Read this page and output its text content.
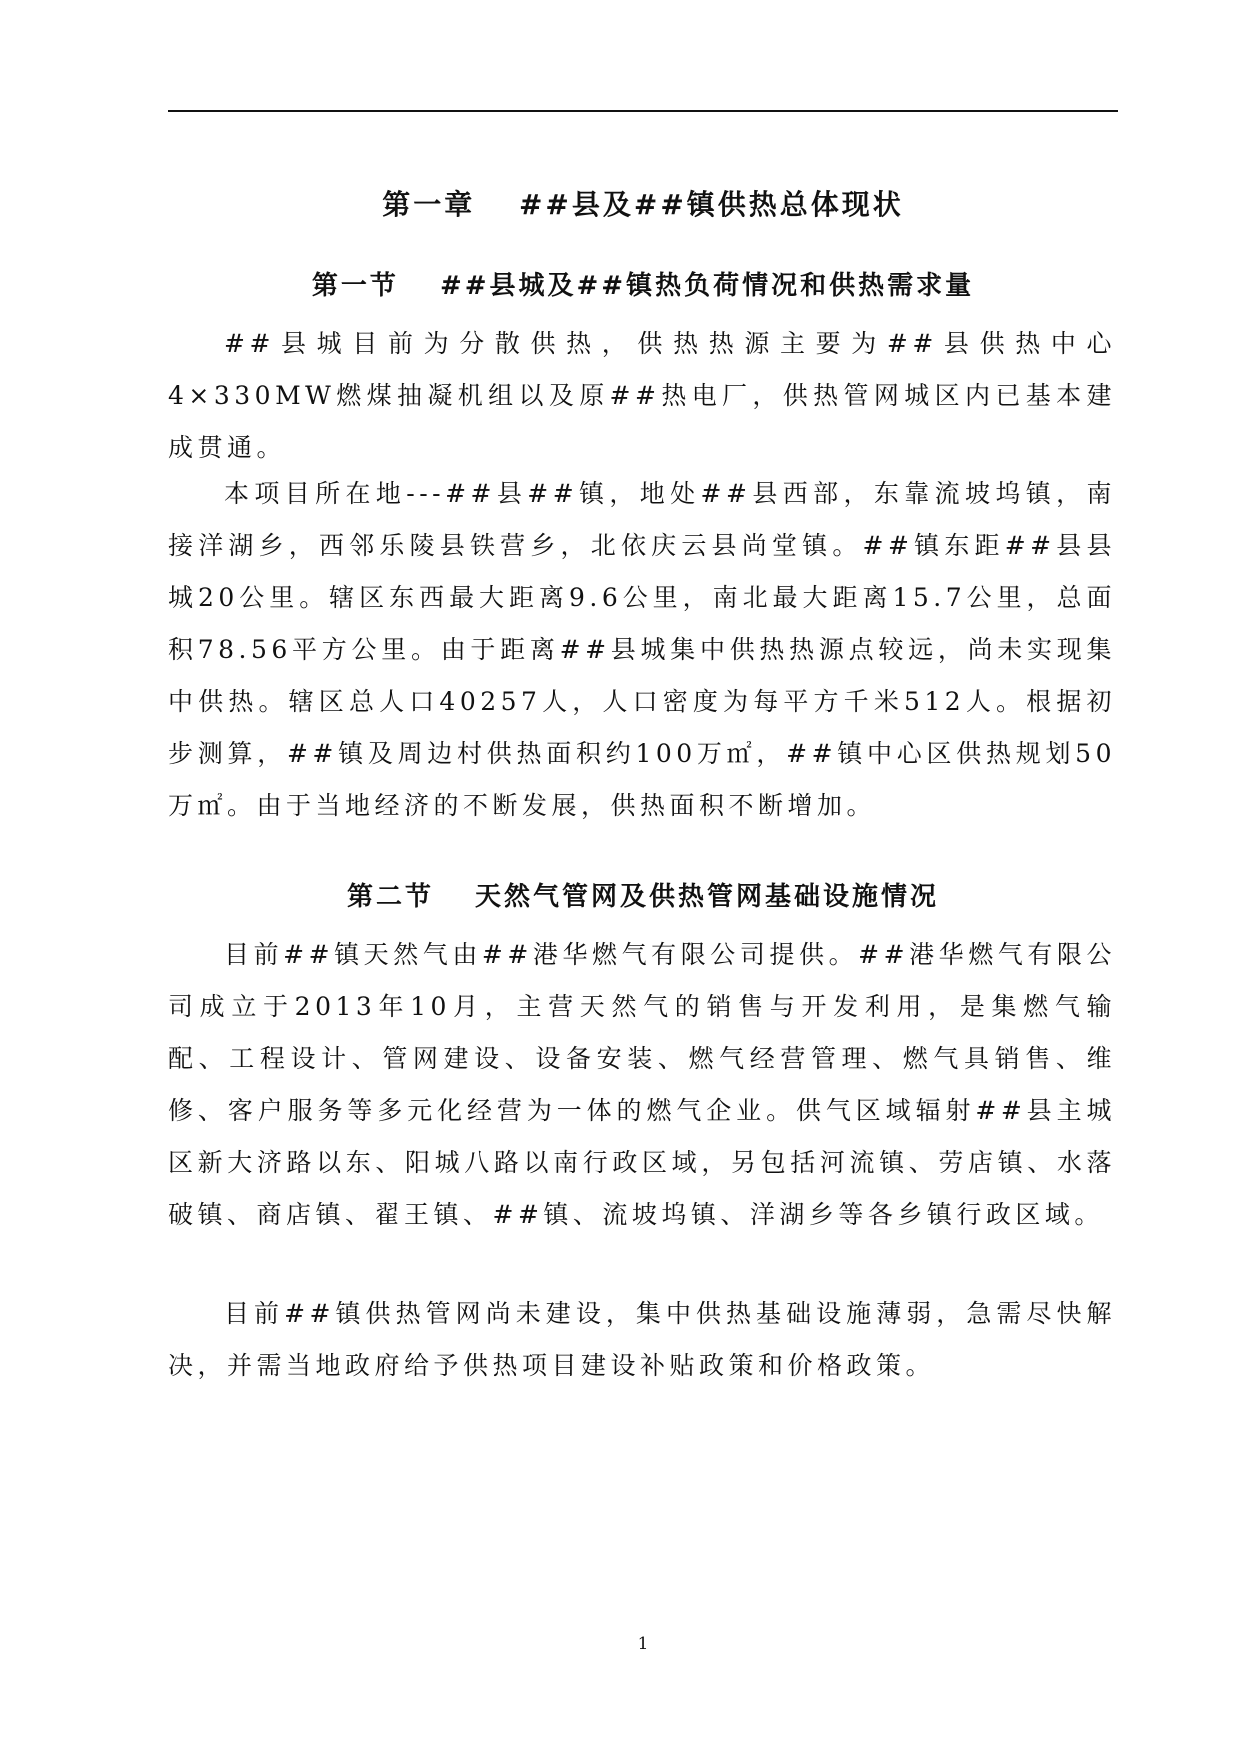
第一章　 ##县及##镇供热总体现状
第一节　 ##县城及##镇热负荷情况和供热需求量

##县城目前为分散供热，供热热源主要为##县供热中心4×330MW燃煤抽凝机组以及原##热电厂，供热管网城区内已基本建成贯通。

本项目所在地---##县##镇，地处##县西部，东靠流坡坞镇，南接洋湖乡，西邻乐陵县铁营乡，北依庆云县尚堂镇。##镇东距##县县城20公里。辖区东西最大距离9.6公里，南北最大距离15.7公里，总面积78.56平方公里。由于距离##县城集中供热热源点较远，尚未实现集中供热。辖区总人口40257人，人口密度为每平方千米512人。根据初步测算，##镇及周边村供热面积约100万㎡，##镇中心区供热规划50万㎡。由于当地经济的不断发展，供热面积不断增加。

第二节　 天然气管网及供热管网基础设施情况

目前##镇天然气由##港华燃气有限公司提供。##港华燃气有限公司成立于2013年10月，主营天然气的销售与开发利用，是集燃气输配、工程设计、管网建设、设备安装、燃气经营管理、燃气具销售、维修、客户服务等多元化经营为一体的燃气企业。供气区域辐射##县主城区新大济路以东、阳城八路以南行政区域，另包括河流镇、劳店镇、水落破镇、商店镇、翟王镇、##镇、流坡坞镇、洋湖乡等各乡镇行政区域。

目前##镇供热管网尚未建设，集中供热基础设施薄弱，急需尽快解决，并需当地政府给予供热项目建设补贴政策和价格政策。

1
